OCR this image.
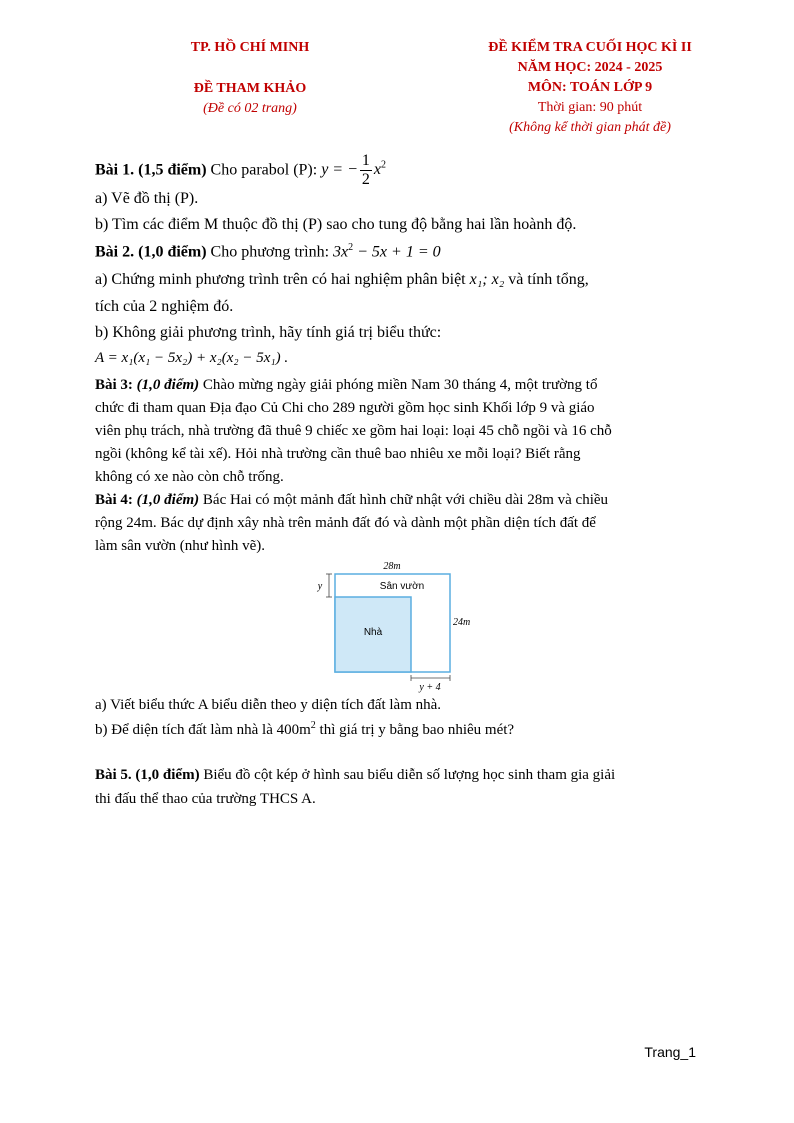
TP. HỒ CHÍ MINH
ĐỀ THAM KHẢO
(Đề có 02 trang)
ĐỀ KIỂM TRA CUỐI HỌC KÌ II
NĂM HỌC: 2024 - 2025
MÔN: TOÁN LỚP 9
Thời gian: 90 phút
(Không kể thời gian phát đề)
Bài 1. (1,5 điểm) Cho parabol (P): y = − $\frac{1}{2} x^2$
a) Vẽ đồ thị (P).
b) Tìm các điểm M thuộc đồ thị (P) sao cho tung độ bằng hai lần hoành độ.
Bài 2. (1,0 điểm) Cho phương trình: $3x^2 - 5x + 1 = 0$
a) Chứng minh phương trình trên có hai nghiệm phân biệt x₁; x₂ và tính tổng,
tích của 2 nghiệm đó.
b) Không giải phương trình, hãy tính giá trị biểu thức:
A = x₁(x₁ − 5x₂) + x₂(x₂ − 5x₁) .
Bài 3: (1,0 điểm) Chào mừng ngày giải phóng miền Nam 30 tháng 4, một trường tổ
chức đi tham quan Địa đạo Củ Chi cho 289 người gồm học sinh Khối lớp 9 và giáo
viên phụ trách, nhà trường đã thuê 9 chiếc xe gồm hai loại: loại 45 chỗ ngồi và 16 chỗ
ngồi (không kể tài xế). Hỏi nhà trường cần thuê bao nhiêu xe mỗi loại? Biết rằng
không có xe nào còn chỗ trống.
Bài 4: (1,0 điểm) Bác Hai có một mảnh đất hình chữ nhật với chiều dài 28m và chiều
rộng 24m. Bác dự định xây nhà trên mảnh đất đó và dành một phần diện tích đất để
làm sân vườn (như hình vẽ).
28m
24m
y
y + 4
Sân vườn
Nhà
a) Viết biểu thức A biểu diễn theo y diện tích đất làm nhà.
b) Để diện tích đất làm nhà là $400m^2$ thì giá trị y bằng bao nhiêu mét?
Bài 5. (1,0 điểm) Biểu đồ cột kép ở hình sau biểu diễn số lượng học sinh tham gia giải
thi đấu thể thao của trường THCS A.
Trang_1
